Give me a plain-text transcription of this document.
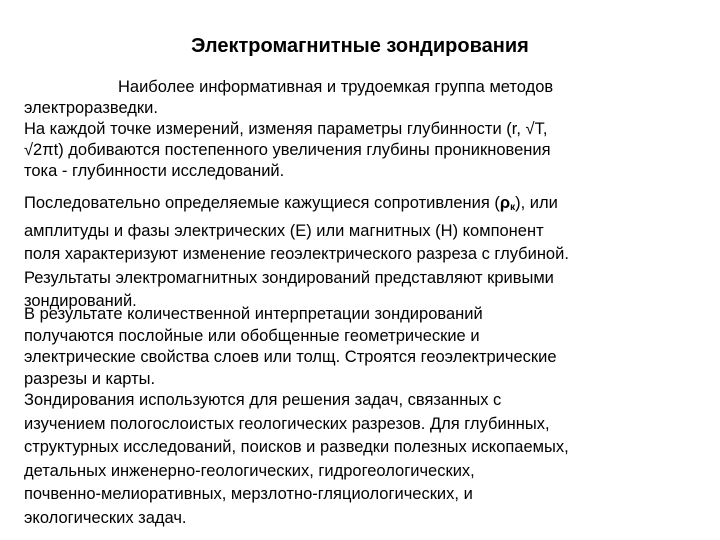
Электромагнитные зондирования
Наиболее информативная и трудоемкая группа методов
электроразведки.
На каждой точке измерений, изменяя параметры глубинности (r, √T,
√2πt) добиваются постепенного увеличения глубины проникновения
тока - глубинности исследований.
Последовательно определяемые кажущиеся сопротивления $(\rho_к)$, или
амплитуды и фазы электрических (Е) или магнитных (Н) компонент
поля характеризуют изменение геоэлектрического разреза с глубиной.
Результаты электромагнитных зондирований представляют кривыми
зондирований.
В результате количественной интерпретации зондирований
получаются послойные или обобщенные геометрические и
электрические свойства слоев или толщ. Строятся геоэлектрические
разрезы и карты.
Зондирования используются для решения задач, связанных с
изучением пологослоистых геологических разрезов. Для глубинных,
структурных исследований, поисков и разведки полезных ископаемых,
детальных инженерно-геологических, гидрогеологических,
почвенно-мелиоративных, мерзлотно-гляциологических, и
экологических задач.
